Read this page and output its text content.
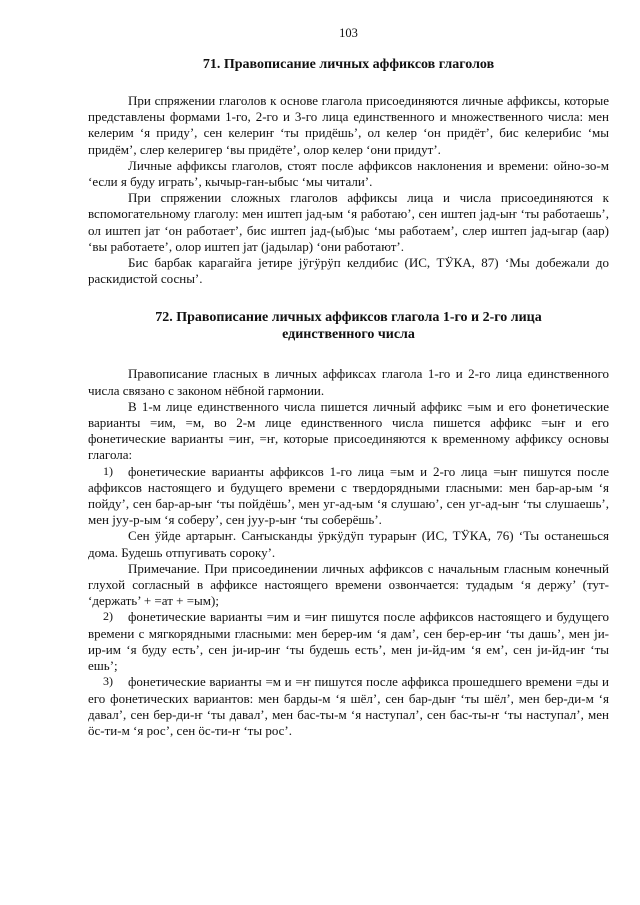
103
71. Правописание личных аффиксов глаголов

При спряжении глаголов к основе глагола присоединяются личные аффиксы, которые представлены формами 1-го, 2-го и 3-го лица единственного и множественного числа: мен келерим ‘я приду’, сен келериҥ ‘ты придёшь’, ол келер ‘он придёт’, бис келерибис ‘мы придём’, слер келеригер ‘вы придёте’, олор келер ‘они придут’.

Личные аффиксы глаголов, стоят после аффиксов наклонения и времени: ойно-зо-м ‘если я буду играть’, кычыр-ган-ыбыс ‘мы читали’.

При спряжении сложных глаголов аффиксы лица и числа присоединяются к вспомогательному глаголу: мен иштеп jад-ым ‘я работаю’, сен иштеп jад-ыҥ ‘ты работаешь’, ол иштеп jат ‘он работает’, бис иштеп jад-(ыб)ыс ‘мы работаем’, слер иштеп jад-ыгар (аар) ‘вы работаете’, олор иштеп jат (jадылар) ‘они работают’.

Бис барбак карагайга jетире jӱгӱрӱп келдибис (ИС, ТӰКА, 87) ‘Мы добежали до раскидистой сосны’.

72. Правописание личных аффиксов глагола 1-го и 2-го лица единственного числа

Правописание гласных в личных аффиксах глагола 1-го и 2-го лица единственного числа связано с законом нёбной гармонии.

В 1-м лице единственного числа пишется личный аффикс =ым и его фонетические варианты =им, =м, во 2-м лице единственного числа пишется аффикс =ыҥ и его фонетические варианты =иҥ, =ҥ, которые присоединяются к временному аффиксу основы глагола:

1)	фонетические варианты аффиксов 1-го лица =ым и 2-го лица =ыҥ пишутся после аффиксов настоящего и будущего времени с твердорядными гласными: мен бар-ар-ым ‘я пойду’, сен бар-ар-ыҥ ‘ты пойдёшь’, мен уг-ад-ым ‘я слушаю’, сен уг-ад-ыҥ ‘ты слушаешь’, мен jуу-р-ым ‘я соберу’, сен jуу-р-ыҥ ‘ты соберёшь’.

Сен ӱйде артарыҥ. Саҥысканды ӱркӱдӱп турарыҥ (ИС, ТӰКА, 76) ‘Ты останешься дома. Будешь отпугивать сороку’.

Примечание. При присоединении личных аффиксов с начальным гласным конечный глухой согласный в аффиксе настоящего времени озвончается: тудадым ‘я держу’ (тут- ‘держать’ + =ат + =ым);

2)	фонетические варианты =им и =иҥ пишутся после аффиксов настоящего и будущего времени с мягкорядными гласными: мен берер-им ‘я дам’, сен бер-ер-иҥ ‘ты дашь’, мен jи-ир-им ‘я буду есть’, сен jи-ир-иҥ ‘ты будешь есть’, мен jи-йд-им ‘я ем’, сен jи-йд-иҥ ‘ты ешь’;

3)	фонетические варианты =м и =ҥ пишутся после аффикса прошедшего времени =ды и его фонетических вариантов: мен барды-м ‘я шёл’, сен бар-дыҥ ‘ты шёл’, мен бер-ди-м ‘я давал’, сен бер-ди-ҥ ‘ты давал’, мен бас-ты-м ‘я наступал’, сен бас-ты-ҥ ‘ты наступал’, мен ӧс-ти-м ‘я рос’, сен ӧс-ти-ҥ ‘ты рос’.
